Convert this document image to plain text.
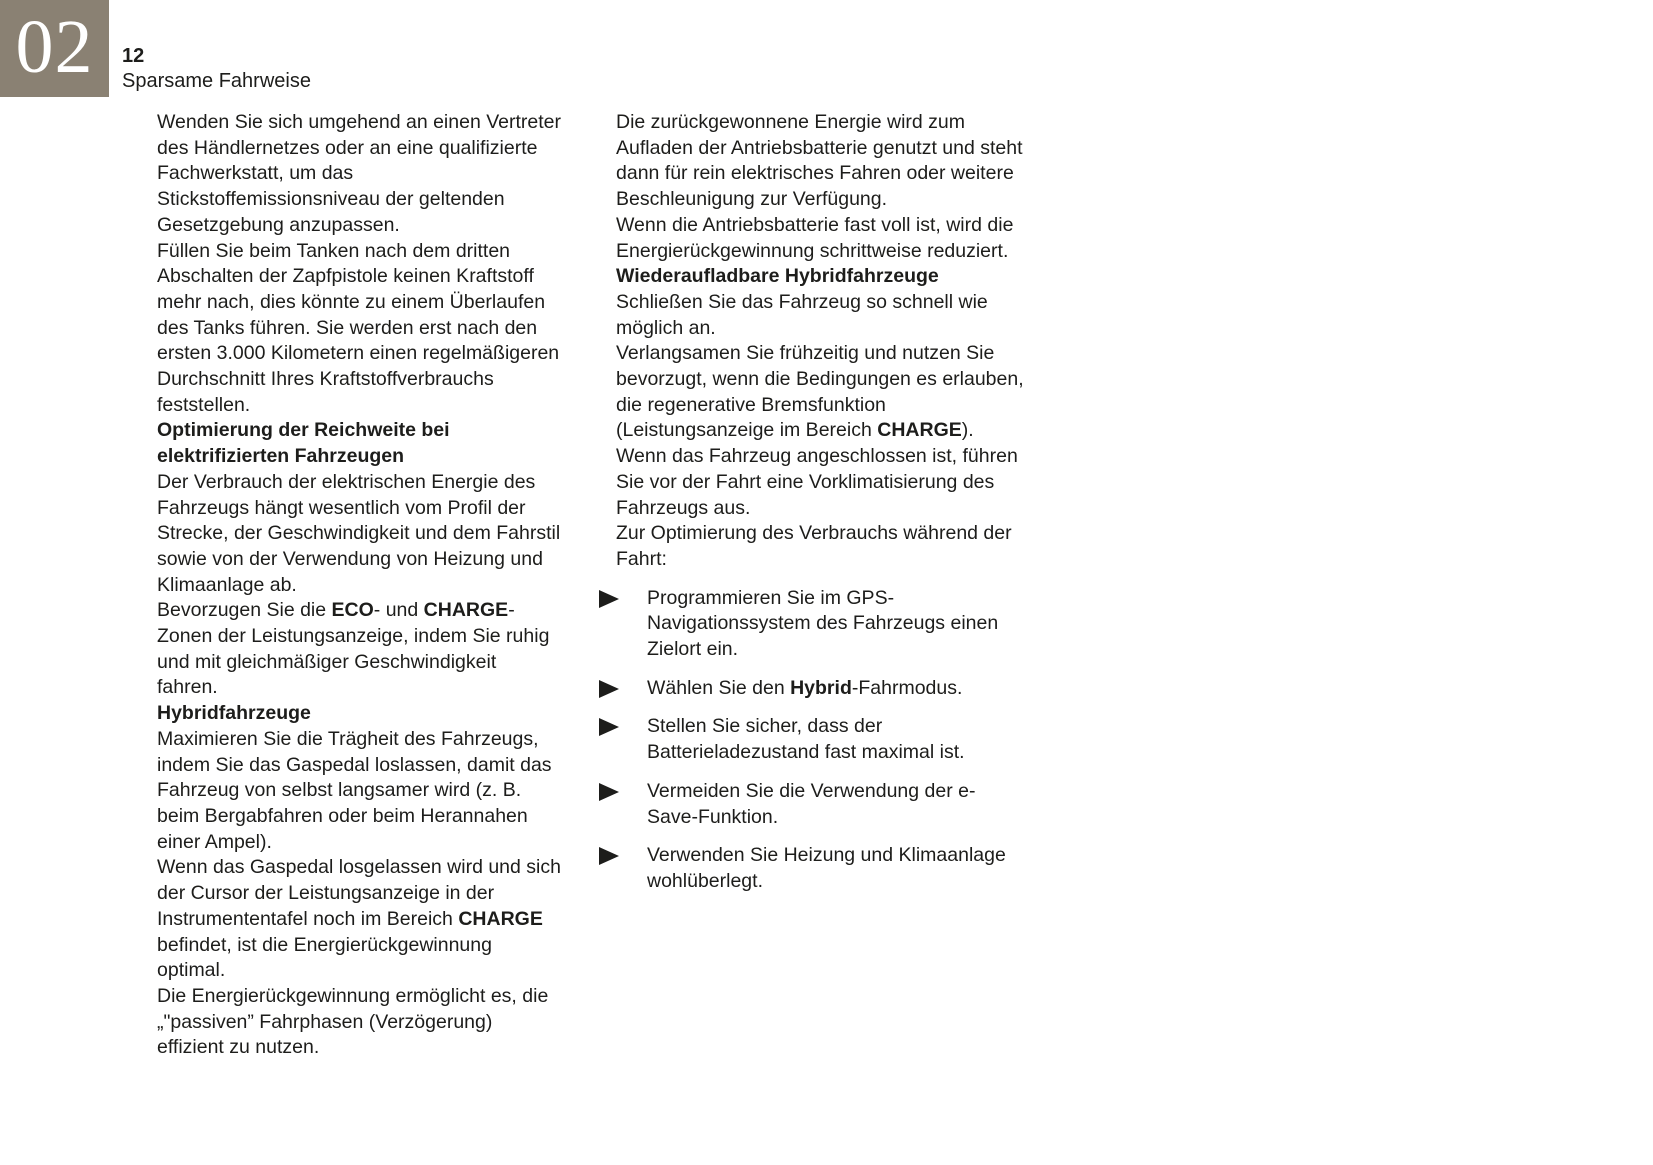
02 12
Sparsame Fahrweise

Wenden Sie sich umgehend an einen Vertreter des Händlernetzes oder an eine qualifizierte Fachwerkstatt, um das Stickstoffemissionsniveau der geltenden Gesetzgebung anzupassen.

Füllen Sie beim Tanken nach dem dritten Abschalten der Zapfpistole keinen Kraftstoff mehr nach, dies könnte zu einem Überlaufen des Tanks führen. Sie werden erst nach den ersten 3.000 Kilometern einen regelmäßigeren Durchschnitt Ihres Kraftstoffverbrauchs feststellen.

Optimierung der Reichweite bei elektrifizierten Fahrzeugen

Der Verbrauch der elektrischen Energie des Fahrzeugs hängt wesentlich vom Profil der Strecke, der Geschwindigkeit und dem Fahrstil sowie von der Verwendung von Heizung und Klimaanlage ab.

Bevorzugen Sie die ECO- und CHARGE-Zonen der Leistungsanzeige, indem Sie ruhig und mit gleichmäßiger Geschwindigkeit fahren.

Hybridfahrzeuge

Maximieren Sie die Trägheit des Fahrzeugs, indem Sie das Gaspedal loslassen, damit das Fahrzeug von selbst langsamer wird (z. B. beim Bergabfahren oder beim Herannahen einer Ampel).

Wenn das Gaspedal losgelassen wird und sich der Cursor der Leistungsanzeige in der Instrumententafel noch im Bereich CHARGE befindet, ist die Energierückgewinnung optimal.

Die Energierückgewinnung ermöglicht es, die „"passiven” Fahrphasen (Verzögerung) effizient zu nutzen.

Die zurückgewonnene Energie wird zum Aufladen der Antriebsbatterie genutzt und steht dann für rein elektrisches Fahren oder weitere Beschleunigung zur Verfügung.

Wenn die Antriebsbatterie fast voll ist, wird die Energierückgewinnung schrittweise reduziert.

Wiederaufladbare Hybridfahrzeuge

Schließen Sie das Fahrzeug so schnell wie möglich an.

Verlangsamen Sie frühzeitig und nutzen Sie bevorzugt, wenn die Bedingungen es erlauben, die regenerative Bremsfunktion (Leistungsanzeige im Bereich CHARGE).

Wenn das Fahrzeug angeschlossen ist, führen Sie vor der Fahrt eine Vorklimatisierung des Fahrzeugs aus.

Zur Optimierung des Verbrauchs während der Fahrt:

Programmieren Sie im GPS-Navigationssystem des Fahrzeugs einen Zielort ein.
Wählen Sie den Hybrid-Fahrmodus.
Stellen Sie sicher, dass der Batterieladezustand fast maximal ist.
Vermeiden Sie die Verwendung der e-Save-Funktion.
Verwenden Sie Heizung und Klimaanlage wohlüberlegt.
